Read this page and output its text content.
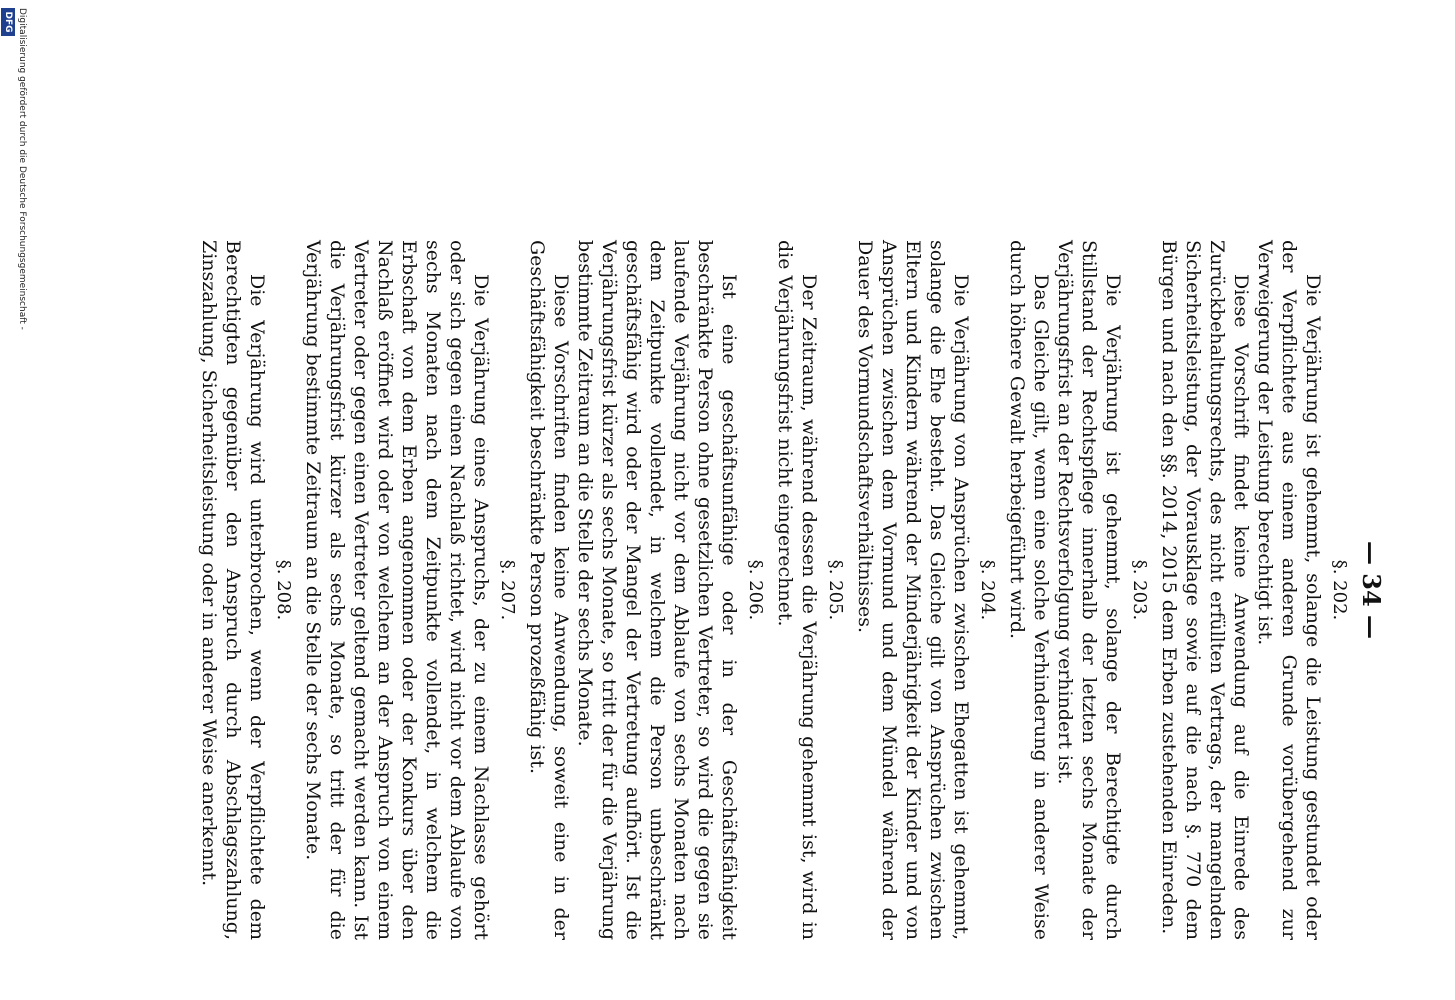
— 34 —
§. 202.

Die Verjährung ist gehemmt, solange die Leistung gestundet oder der Verpflichtete aus einem anderen Grunde vorübergehend zur Verweigerung der Leistung berechtigt ist.

Diese Vorschrift findet keine Anwendung auf die Einrede des Zurückbehaltungsrechts, des nicht erfüllten Vertrags, der mangelnden Sicherheitsleistung, der Vorausklage sowie auf die nach §. 770 dem Bürgen und nach den §§. 2014, 2015 dem Erben zustehenden Einreden.

§. 203.

Die Verjährung ist gehemmt, solange der Berechtigte durch Stillstand der Rechtspflege innerhalb der letzten sechs Monate der Verjährungsfrist an der Rechtsverfolgung verhindert ist.

Das Gleiche gilt, wenn eine solche Verhinderung in anderer Weise durch höhere Gewalt herbeigeführt wird.

§. 204.

Die Verjährung von Ansprüchen zwischen Ehegatten ist gehemmt, solange die Ehe besteht. Das Gleiche gilt von Ansprüchen zwischen Eltern und Kindern während der Minderjährigkeit der Kinder und von Ansprüchen zwischen dem Vormund und dem Mündel während der Dauer des Vormundschaftsverhältnisses.

§. 205.

Der Zeitraum, während dessen die Verjährung gehemmt ist, wird in die Verjährungsfrist nicht eingerechnet.

§. 206.

Ist eine geschäftsunfähige oder in der Geschäftsfähigkeit beschränkte Person ohne gesetzlichen Vertreter, so wird die gegen sie laufende Verjährung nicht vor dem Ablaufe von sechs Monaten nach dem Zeitpunkte vollendet, in welchem die Person unbeschränkt geschäftsfähig wird oder der Mangel der Vertretung aufhört. Ist die Verjährungsfrist kürzer als sechs Monate, so tritt der für die Verjährung bestimmte Zeitraum an die Stelle der sechs Monate.

Diese Vorschriften finden keine Anwendung, soweit eine in der Geschäftsfähigkeit beschränkte Person prozeßfähig ist.

§. 207.

Die Verjährung eines Anspruchs, der zu einem Nachlasse gehört oder sich gegen einen Nachlaß richtet, wird nicht vor dem Ablaufe von sechs Monaten nach dem Zeitpunkte vollendet, in welchem die Erbschaft von dem Erben angenommen oder der Konkurs über den Nachlaß eröffnet wird oder von welchem an der Anspruch von einem Vertreter oder gegen einen Vertreter geltend gemacht werden kann. Ist die Verjährungsfrist kürzer als sechs Monate, so tritt der für die Verjährung bestimmte Zeitraum an die Stelle der sechs Monate.

§. 208.

Die Verjährung wird unterbrochen, wenn der Verpflichtete dem Berechtigten gegenüber den Anspruch durch Abschlagszahlung, Zinszahlung, Sicherheitsleistung oder in anderer Weise anerkennt.

Digitalisierung gefördert durch die Deutsche Forschungsgemeinschaft -
DFG
